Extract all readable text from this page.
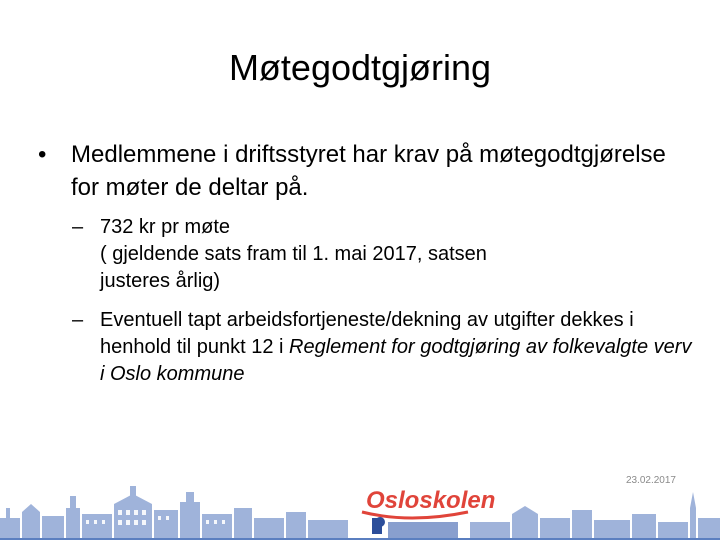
Møtegodtgjøring
• Medlemmene i driftsstyret har krav på møtegodtgjørelse for møter de deltar på.
– 732 kr pr møte
( gjeldende sats fram til 1. mai 2017, satsen
justeres årlig)
– Eventuell tapt arbeidsfortjeneste/dekning av utgifter dekkes i henhold til punkt 12 i Reglement for godtgjøring av folkevalgte verv i Oslo kommune
23.02.2017
Osloskolen
